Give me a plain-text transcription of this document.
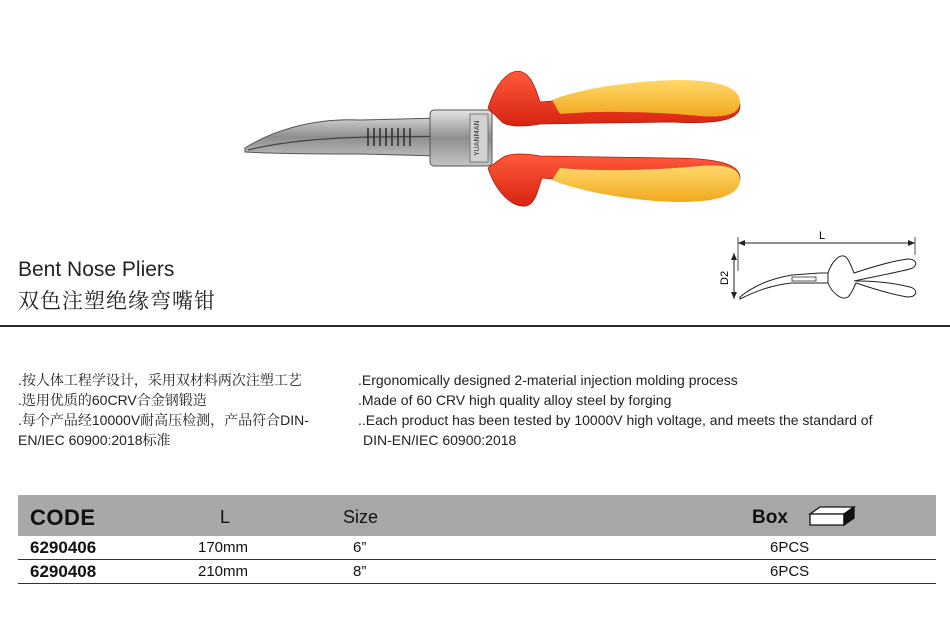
YUANMAN
Bent Nose Pliers
双色注塑绝缘弯嘴钳
L
D2
.按人体工程学设计，采用双材料两次注塑工艺
.选用优质的60CRV合金钢锻造
.每个产品经10000V耐高压检测，产品符合DIN-
EN/IEC 60900:2018标准
.Ergonomically designed 2-material injection molding process
.Made of 60 CRV high quality alloy steel by forging
..Each product has been tested by 10000V high voltage, and meets the standard of
DIN-EN/IEC 60900:2018
CODE	L	Size	Box
6290406	170mm	6”	6PCS
6290408	210mm	8”	6PCS
